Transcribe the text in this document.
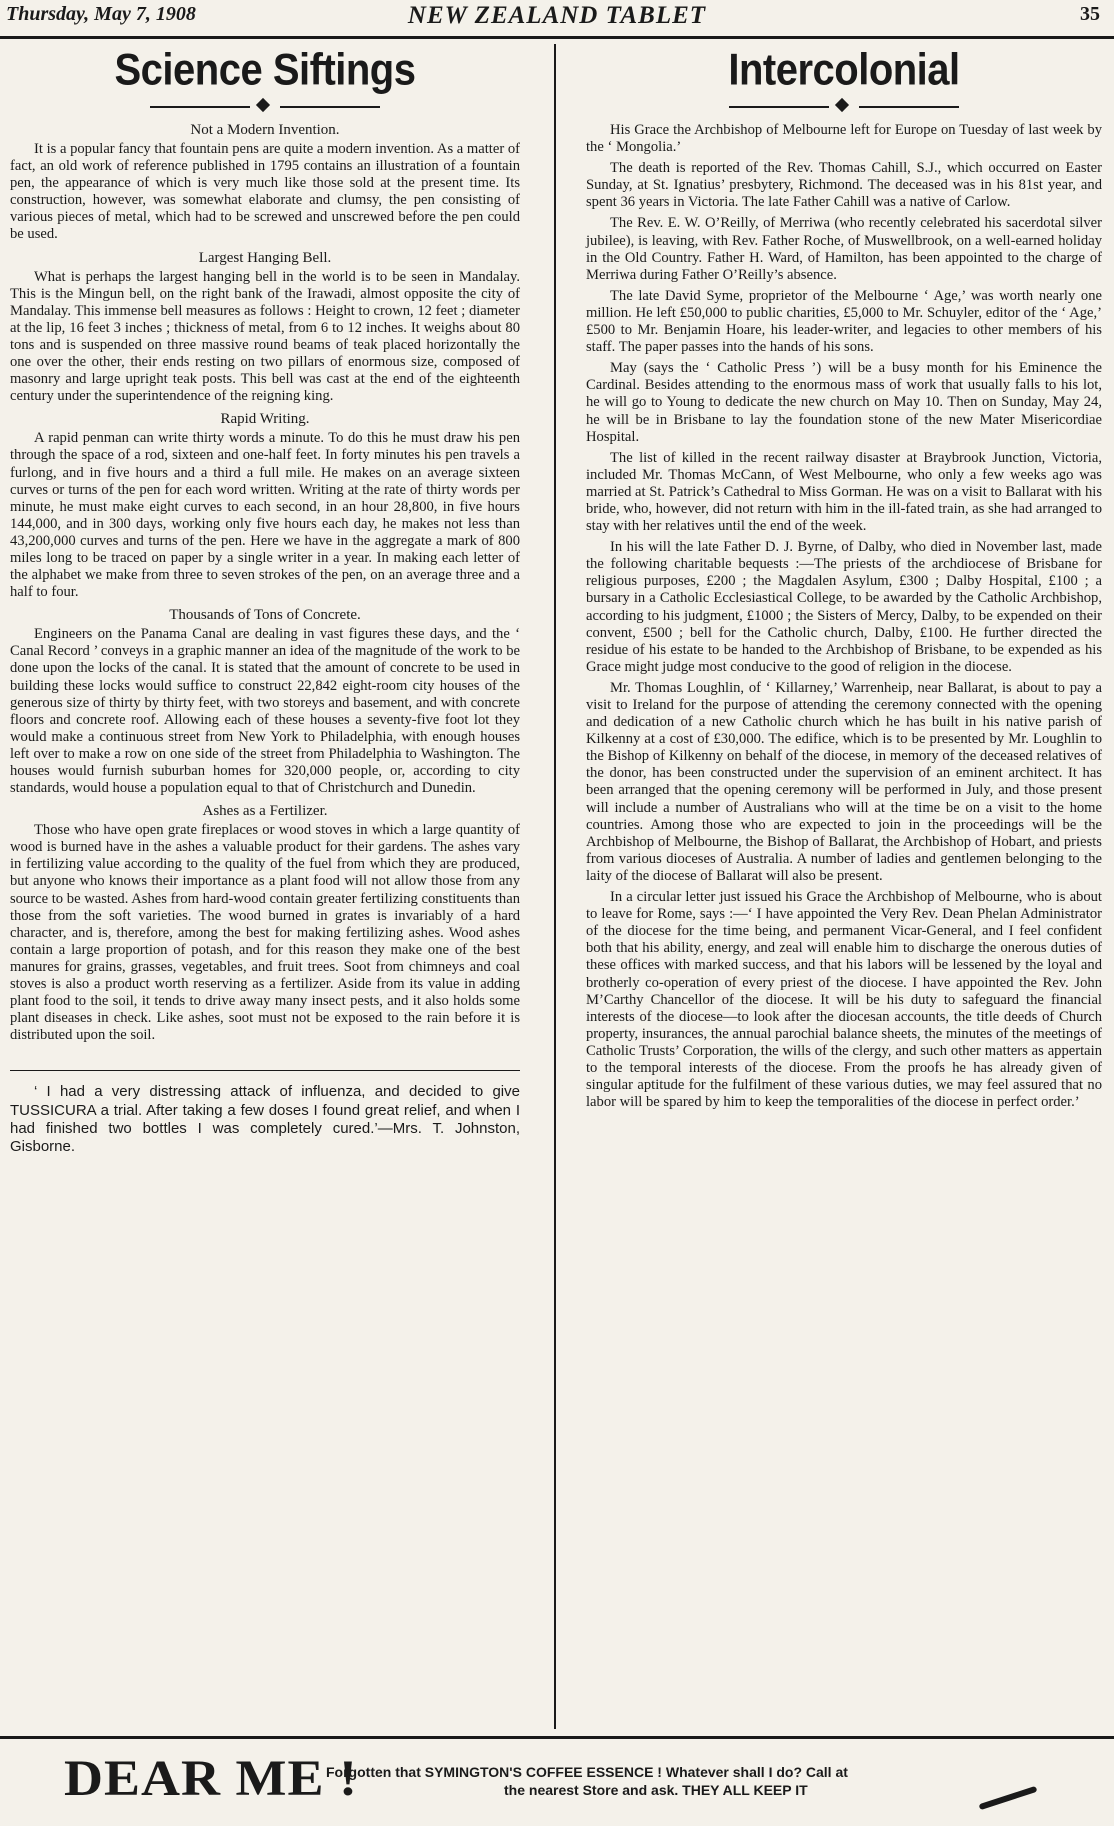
Thursday, May 7, 1908	NEW ZEALAND TABLET	35
Science Siftings
Not a Modern Invention.

It is a popular fancy that fountain pens are quite a modern invention. As a matter of fact, an old work of reference published in 1795 contains an illustration of a fountain pen, the appearance of which is very much like those sold at the present time. Its construction, however, was somewhat elaborate and clumsy, the pen consisting of various pieces of metal, which had to be screwed and unscrewed before the pen could be used.

Largest Hanging Bell.

What is perhaps the largest hanging bell in the world is to be seen in Mandalay. This is the Mingun bell, on the right bank of the Irawadi, almost opposite the city of Mandalay. This immense bell measures as follows : Height to crown, 12 feet ; diameter at the lip, 16 feet 3 inches ; thickness of metal, from 6 to 12 inches. It weighs about 80 tons and is suspended on three massive round beams of teak placed horizontally the one over the other, their ends resting on two pillars of enormous size, composed of masonry and large upright teak posts. This bell was cast at the end of the eighteenth century under the superintendence of the reigning king.

Rapid Writing.

A rapid penman can write thirty words a minute. To do this he must draw his pen through the space of a rod, sixteen and one-half feet. In forty minutes his pen travels a furlong, and in five hours and a third a full mile. He makes on an average sixteen curves or turns of the pen for each word written. Writing at the rate of thirty words per minute, he must make eight curves to each second, in an hour 28,800, in five hours 144,000, and in 300 days, working only five hours each day, he makes not less than 43,200,000 curves and turns of the pen. Here we have in the aggregate a mark of 800 miles long to be traced on paper by a single writer in a year. In making each letter of the alphabet we make from three to seven strokes of the pen, on an average three and a half to four.

Thousands of Tons of Concrete.

Engineers on the Panama Canal are dealing in vast figures these days, and the ‘ Canal Record ’ conveys in a graphic manner an idea of the magnitude of the work to be done upon the locks of the canal. It is stated that the amount of concrete to be used in building these locks would suffice to construct 22,842 eight-room city houses of the generous size of thirty by thirty feet, with two storeys and basement, and with concrete floors and concrete roof. Allowing each of these houses a seventy-five foot lot they would make a continuous street from New York to Philadelphia, with enough houses left over to make a row on one side of the street from Philadelphia to Washington. The houses would furnish suburban homes for 320,000 people, or, according to city standards, would house a population equal to that of Christchurch and Dunedin.

Ashes as a Fertilizer.

Those who have open grate fireplaces or wood stoves in which a large quantity of wood is burned have in the ashes a valuable product for their gardens. The ashes vary in fertilizing value according to the quality of the fuel from which they are produced, but anyone who knows their importance as a plant food will not allow those from any source to be wasted. Ashes from hard-wood contain greater fertilizing constituents than those from the soft varieties. The wood burned in grates is invariably of a hard character, and is, therefore, among the best for making fertilizing ashes. Wood ashes contain a large proportion of potash, and for this reason they make one of the best manures for grains, grasses, vegetables, and fruit trees. Soot from chimneys and coal stoves is also a product worth reserving as a fertilizer. Aside from its value in adding plant food to the soil, it tends to drive away many insect pests, and it also holds some plant diseases in check. Like ashes, soot must not be exposed to the rain before it is distributed upon the soil.

‘ I had a very distressing attack of influenza, and decided to give TUSSICURA a trial. After taking a few doses I found great relief, and when I had finished two bottles I was completely cured.’—Mrs. T. Johnston, Gisborne.

Intercolonial

His Grace the Archbishop of Melbourne left for Europe on Tuesday of last week by the ‘ Mongolia.’

The death is reported of the Rev. Thomas Cahill, S.J., which occurred on Easter Sunday, at St. Ignatius’ presbytery, Richmond. The deceased was in his 81st year, and spent 36 years in Victoria. The late Father Cahill was a native of Carlow.

The Rev. E. W. O’Reilly, of Merriwa (who recently celebrated his sacerdotal silver jubilee), is leaving, with Rev. Father Roche, of Muswellbrook, on a well-earned holiday in the Old Country. Father H. Ward, of Hamilton, has been appointed to the charge of Merriwa during Father O’Reilly’s absence.

The late David Syme, proprietor of the Melbourne ‘ Age,’ was worth nearly one million. He left £50,000 to public charities, £5,000 to Mr. Schuyler, editor of the ‘ Age,’ £500 to Mr. Benjamin Hoare, his leader-writer, and legacies to other members of his staff. The paper passes into the hands of his sons.

May (says the ‘ Catholic Press ’) will be a busy month for his Eminence the Cardinal. Besides attending to the enormous mass of work that usually falls to his lot, he will go to Young to dedicate the new church on May 10. Then on Sunday, May 24, he will be in Brisbane to lay the foundation stone of the new Mater Misericordiae Hospital.

The list of killed in the recent railway disaster at Braybrook Junction, Victoria, included Mr. Thomas McCann, of West Melbourne, who only a few weeks ago was married at St. Patrick’s Cathedral to Miss Gorman. He was on a visit to Ballarat with his bride, who, however, did not return with him in the ill-fated train, as she had arranged to stay with her relatives until the end of the week.

In his will the late Father D. J. Byrne, of Dalby, who died in November last, made the following charitable bequests :—The priests of the archdiocese of Brisbane for religious purposes, £200 ; the Magdalen Asylum, £300 ; Dalby Hospital, £100 ; a bursary in a Catholic Ecclesiastical College, to be awarded by the Catholic Archbishop, according to his judgment, £1000 ; the Sisters of Mercy, Dalby, to be expended on their convent, £500 ; bell for the Catholic church, Dalby, £100. He further directed the residue of his estate to be handed to the Archbishop of Brisbane, to be expended as his Grace might judge most conducive to the good of religion in the diocese.

Mr. Thomas Loughlin, of ‘ Killarney,’ Warrenheip, near Ballarat, is about to pay a visit to Ireland for the purpose of attending the ceremony connected with the opening and dedication of a new Catholic church which he has built in his native parish of Kilkenny at a cost of £30,000. The edifice, which is to be presented by Mr. Loughlin to the Bishop of Kilkenny on behalf of the diocese, in memory of the deceased relatives of the donor, has been constructed under the supervision of an eminent architect. It has been arranged that the opening ceremony will be performed in July, and those present will include a number of Australians who will at the time be on a visit to the home countries. Among those who are expected to join in the proceedings will be the Archbishop of Melbourne, the Bishop of Ballarat, the Archbishop of Hobart, and priests from various dioceses of Australia. A number of ladies and gentlemen belonging to the laity of the diocese of Ballarat will also be present.

In a circular letter just issued his Grace the Archbishop of Melbourne, who is about to leave for Rome, says :—‘ I have appointed the Very Rev. Dean Phelan Administrator of the diocese for the time being, and permanent Vicar-General, and I feel confident both that his ability, energy, and zeal will enable him to discharge the onerous duties of these offices with marked success, and that his labors will be lessened by the loyal and brotherly co-operation of every priest of the diocese. I have appointed the Rev. John M’Carthy Chancellor of the diocese. It will be his duty to safeguard the financial interests of the diocese—to look after the diocesan accounts, the title deeds of Church property, insurances, the annual parochial balance sheets, the minutes of the meetings of Catholic Trusts’ Corporation, the wills of the clergy, and such other matters as appertain to the temporal interests of the diocese. From the proofs he has already given of singular aptitude for the fulfilment of these various duties, we may feel assured that no labor will be spared by him to keep the temporalities of the diocese in perfect order.’

DEAR ME !
Forgotten that SYMINGTON'S COFFEE ESSENCE ! Whatever shall I do? Call at
the nearest Store and ask. THEY ALL KEEP IT
